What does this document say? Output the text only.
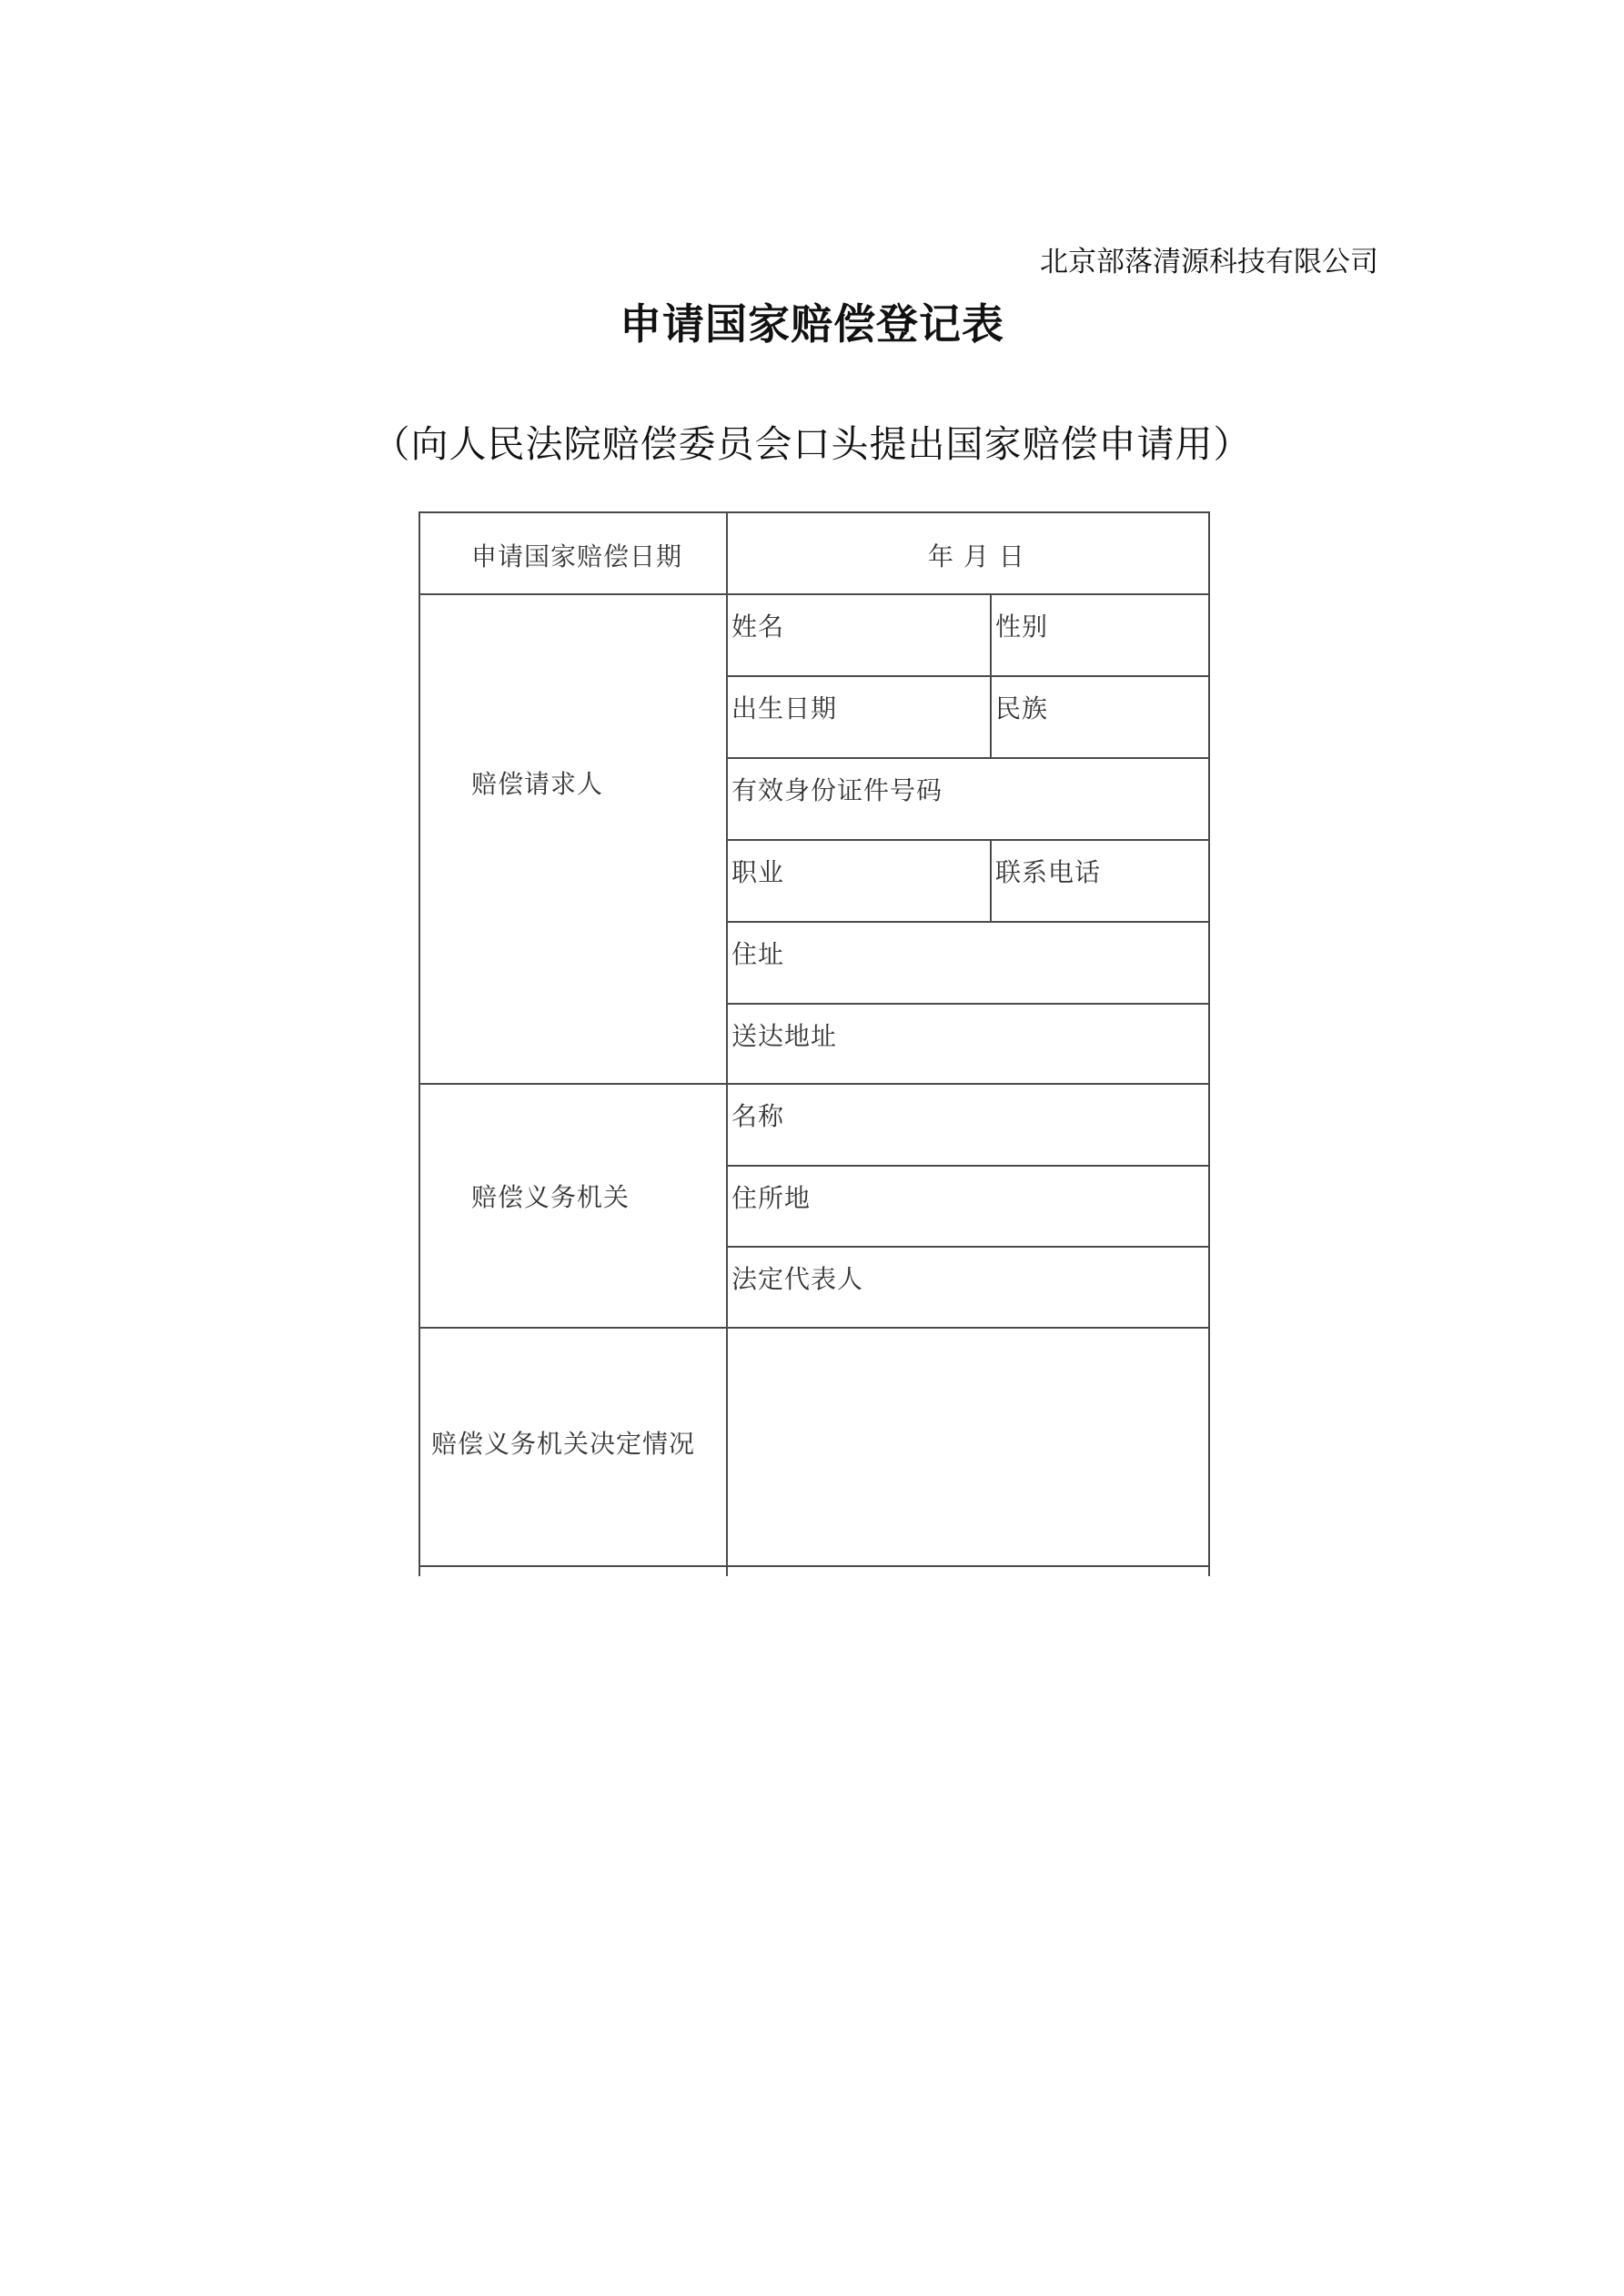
北京部落清源科技有限公司
申请国家赔偿登记表
（向人民法院赔偿委员会口头提出国家赔偿申请用）
申请国家赔偿日期	年 月 日
赔偿请求人
姓名	性别
出生日期	民族
有效身份证件号码
职业	联系电话
住址
送达地址
赔偿义务机关
名称
住所地
法定代表人
赔偿义务机关决定情况
